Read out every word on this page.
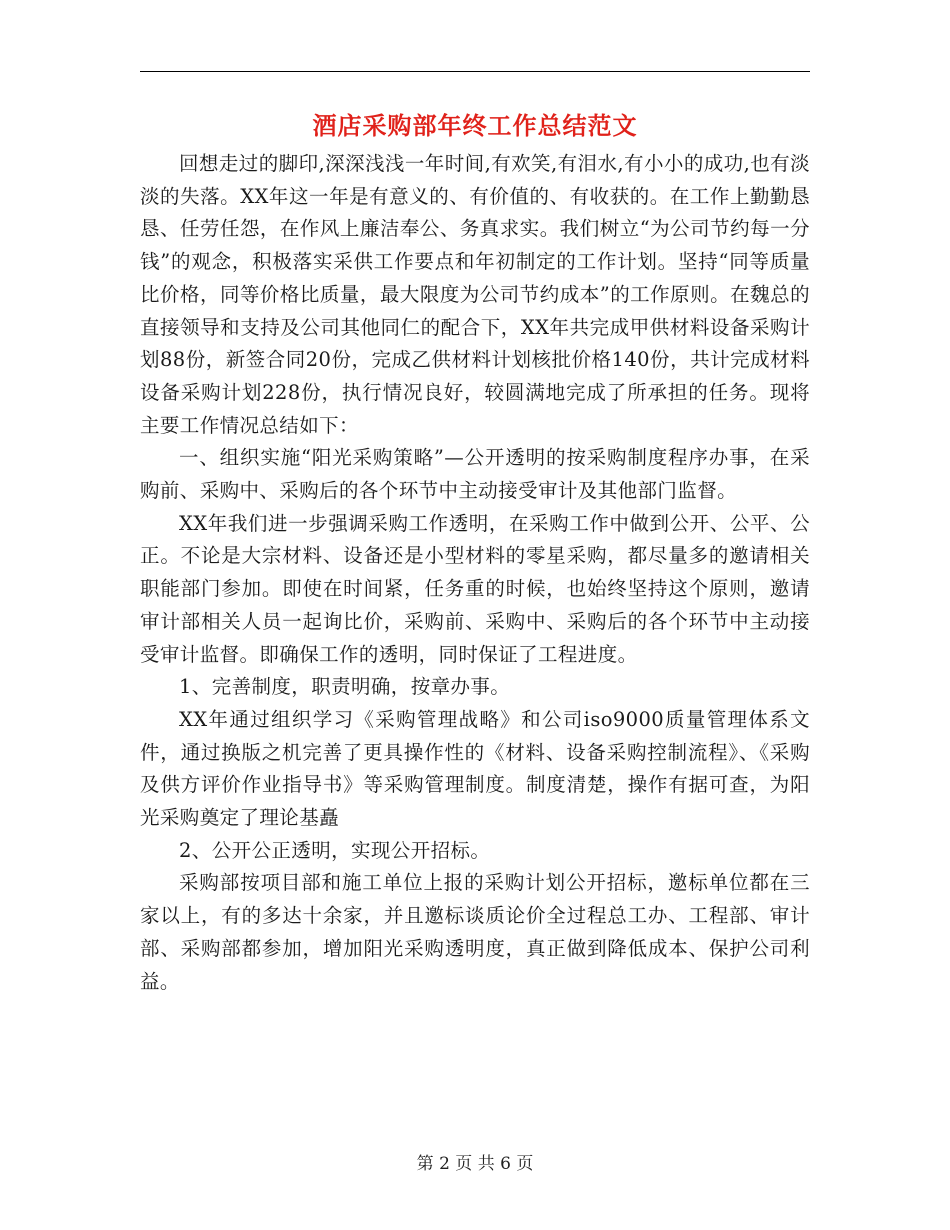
酒店采购部年终工作总结范文

回想走过的脚印,深深浅浅一年时间,有欢笑,有泪水,有小小的成功,也有淡淡的失落。XX年这一年是有意义的、有价值的、有收获的。在工作上勤勤恳恳、任劳任怨，在作风上廉洁奉公、务真求实。我们树立“为公司节约每一分钱”的观念，积极落实采供工作要点和年初制定的工作计划。坚持“同等质量比价格，同等价格比质量，最大限度为公司节约成本”的工作原则。在魏总的直接领导和支持及公司其他同仁的配合下，XX年共完成甲供材料设备采购计划88份，新签合同20份，完成乙供材料计划核批价格140份，共计完成材料设备采购计划228份，执行情况良好，较圆满地完成了所承担的任务。现将主要工作情况总结如下：

一、组织实施“阳光采购策略”—公开透明的按采购制度程序办事，在采购前、采购中、采购后的各个环节中主动接受审计及其他部门监督。

XX年我们进一步强调采购工作透明，在采购工作中做到公开、公平、公正。不论是大宗材料、设备还是小型材料的零星采购，都尽量多的邀请相关职能部门参加。即使在时间紧，任务重的时候，也始终坚持这个原则，邀请审计部相关人员一起询比价，采购前、采购中、采购后的各个环节中主动接受审计监督。即确保工作的透明，同时保证了工程进度。

1、完善制度，职责明确，按章办事。

XX年通过组织学习《采购管理战略》和公司iso9000质量管理体系文件，通过换版之机完善了更具操作性的《材料、设备采购控制流程》、《采购及供方评价作业指导书》等采购管理制度。制度清楚，操作有据可查，为阳光采购奠定了理论基矗

2、公开公正透明，实现公开招标。

采购部按项目部和施工单位上报的采购计划公开招标，邀标单位都在三家以上，有的多达十余家，并且邀标谈质论价全过程总工办、工程部、审计部、采购部都参加，增加阳光采购透明度，真正做到降低成本、保护公司利益。

第 2 页 共 6 页
